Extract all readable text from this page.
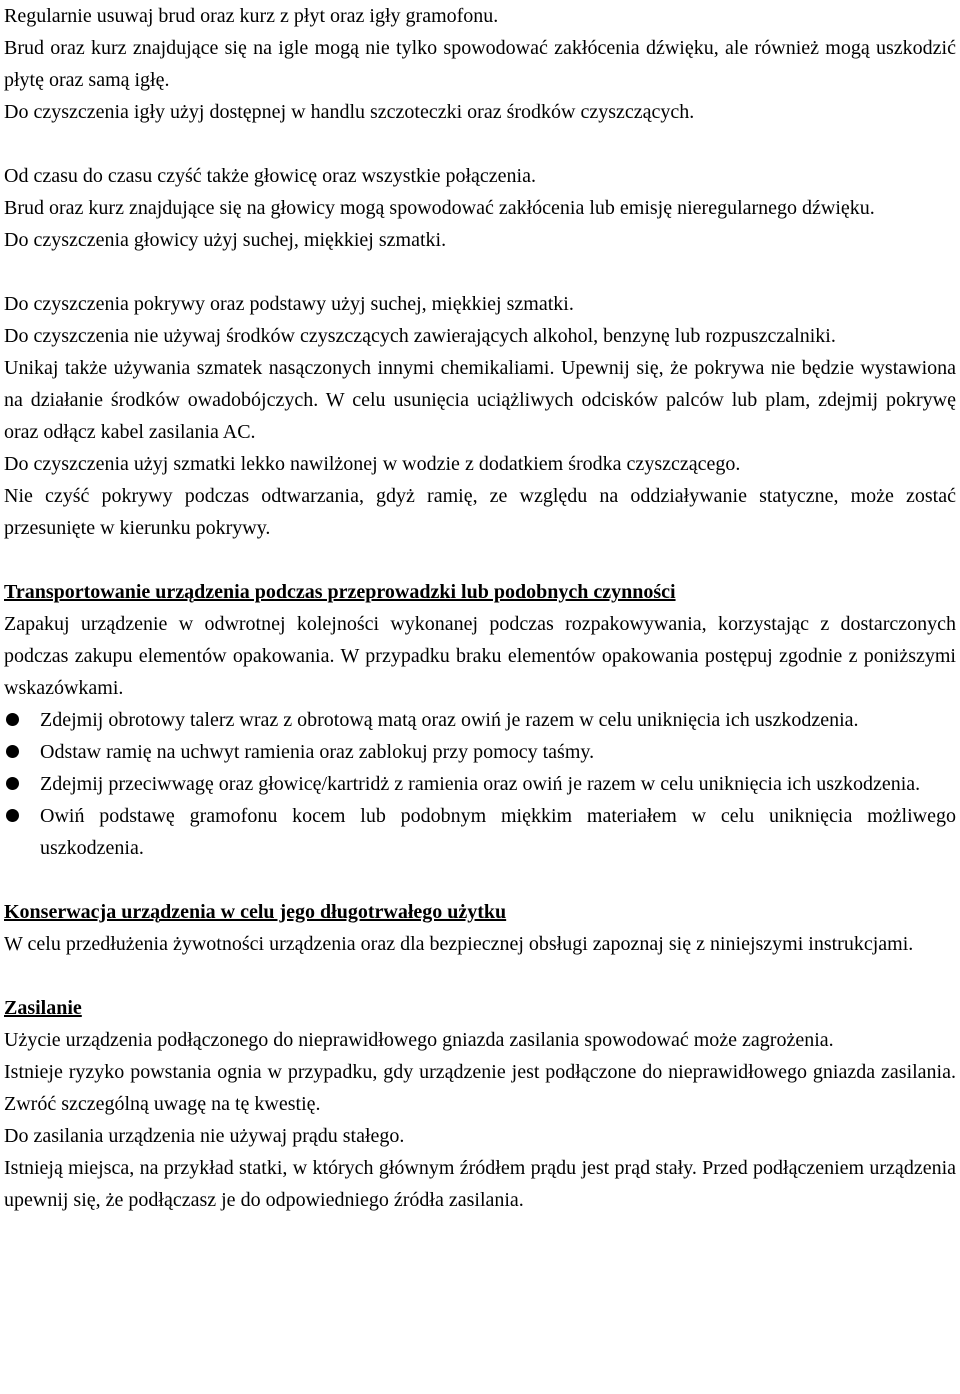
Regularnie usuwaj brud oraz kurz z płyt oraz igły gramofonu.

Brud oraz kurz znajdujące się na igle mogą nie tylko spowodować zakłócenia dźwięku, ale również mogą uszkodzić płytę oraz samą igłę.

Do czyszczenia igły użyj dostępnej w handlu szczoteczki oraz środków czyszczących.

Od czasu do czasu czyść także głowicę oraz wszystkie połączenia.

Brud oraz kurz znajdujące się na głowicy mogą spowodować zakłócenia lub emisję nieregularnego dźwięku.

Do czyszczenia głowicy użyj suchej, miękkiej szmatki.

Do czyszczenia pokrywy oraz podstawy użyj suchej, miękkiej szmatki.

Do czyszczenia nie używaj środków czyszczących zawierających alkohol, benzynę lub rozpuszczalniki.

Unikaj także używania szmatek nasączonych innymi chemikaliami. Upewnij się, że pokrywa nie będzie wystawiona na działanie środków owadobójczych. W celu usunięcia uciążliwych odcisków palców lub plam, zdejmij pokrywę oraz odłącz kabel zasilania AC.

Do czyszczenia użyj szmatki lekko nawilżonej w wodzie z dodatkiem środka czyszczącego.

Nie czyść pokrywy podczas odtwarzania, gdyż ramię, ze względu na oddziaływanie statyczne, może zostać przesunięte w kierunku pokrywy.

Transportowanie urządzenia podczas przeprowadzki lub podobnych czynności

Zapakuj urządzenie w odwrotnej kolejności wykonanej podczas rozpakowywania, korzystając z dostarczonych podczas zakupu elementów opakowania. W przypadku braku elementów opakowania postępuj zgodnie z poniższymi wskazówkami.

Zdejmij obrotowy talerz wraz z obrotową matą oraz owiń je razem w celu uniknięcia ich uszkodzenia.
Odstaw ramię na uchwyt ramienia oraz zablokuj przy pomocy taśmy.
Zdejmij przeciwwagę oraz głowicę/kartridż z ramienia oraz owiń je razem w celu uniknięcia ich uszkodzenia.
Owiń podstawę gramofonu kocem lub podobnym miękkim materiałem w celu uniknięcia możliwego uszkodzenia.
Konserwacja urządzenia w celu jego długotrwałego użytku

W celu przedłużenia żywotności urządzenia oraz dla bezpiecznej obsługi zapoznaj się z niniejszymi instrukcjami.

Zasilanie

Użycie urządzenia podłączonego do nieprawidłowego gniazda zasilania spowodować może zagrożenia.

Istnieje ryzyko powstania ognia w przypadku, gdy urządzenie jest podłączone do nieprawidłowego gniazda zasilania. Zwróć szczególną uwagę na tę kwestię.

Do zasilania urządzenia nie używaj prądu stałego.

Istnieją miejsca, na przykład statki, w których głównym źródłem prądu jest prąd stały. Przed podłączeniem urządzenia upewnij się, że podłączasz je do odpowiedniego źródła zasilania.
